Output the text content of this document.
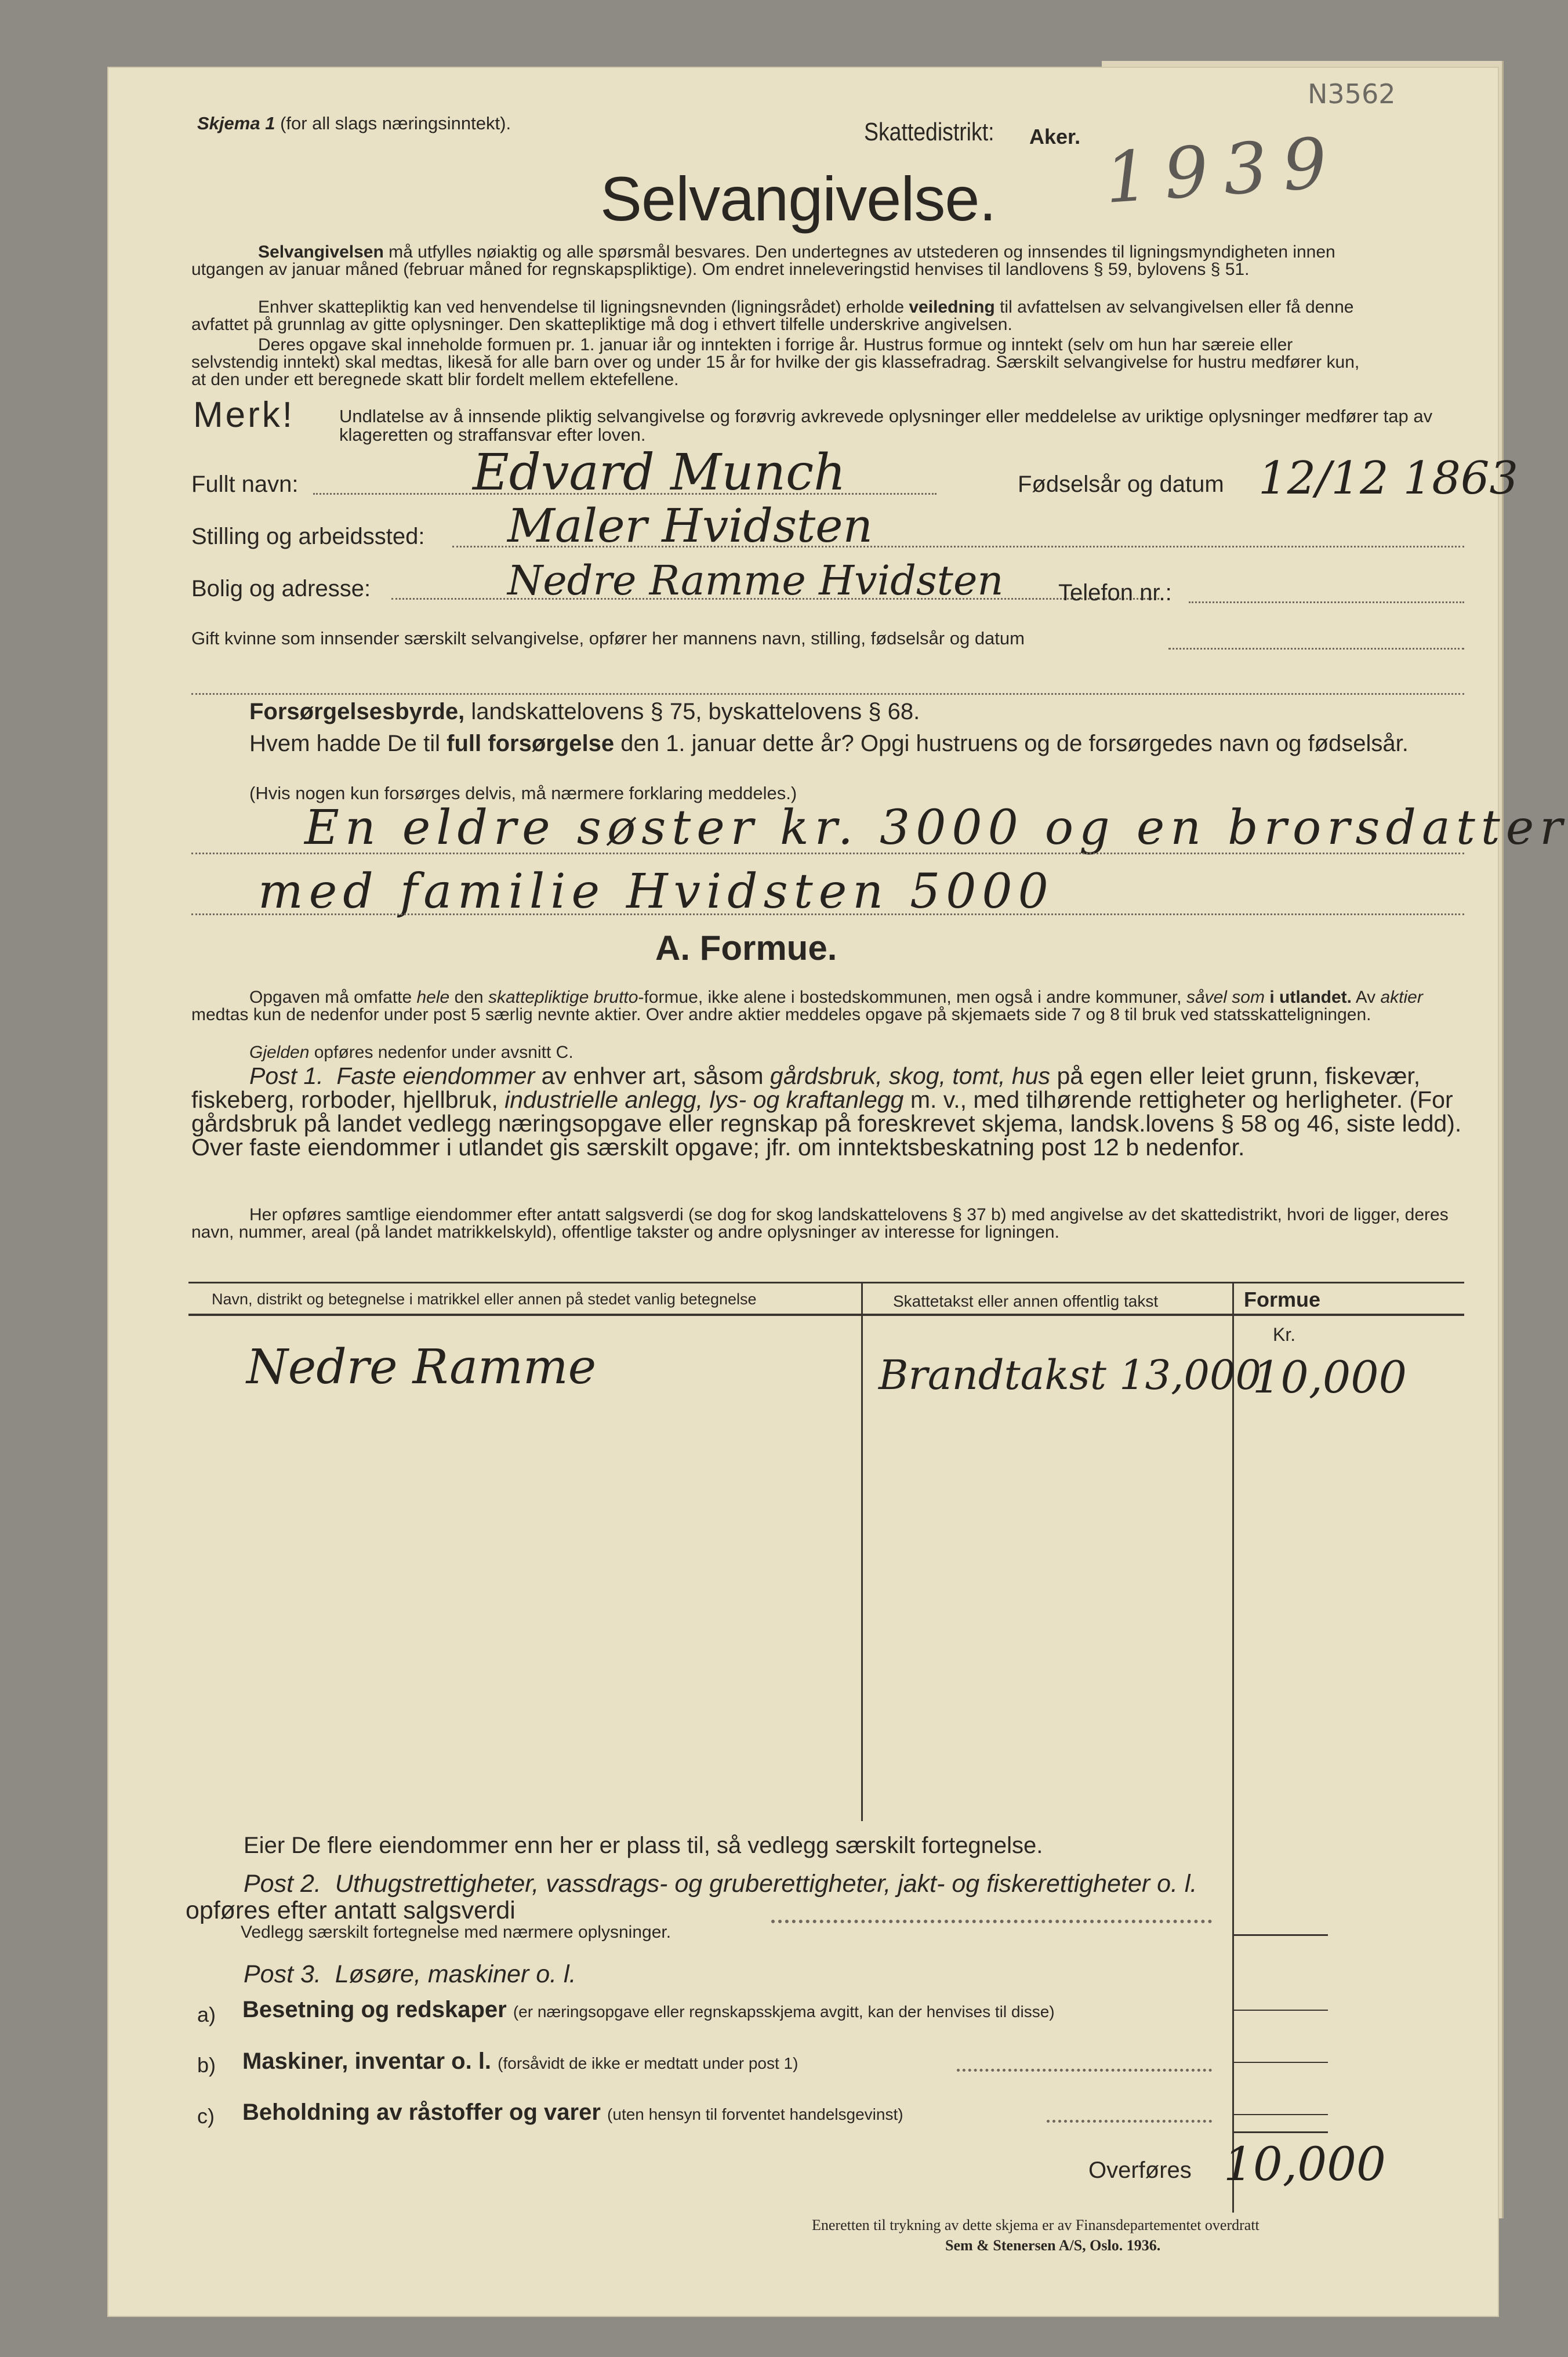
N3562
Skjema 1 (for all slags næringsinntekt).	Skattedistrikt: Aker. 1939
Selvangivelse.
Selvangivelsen må utfylles nøiaktig og alle spørsmål besvares. Den undertegnes av utstederen og innsendes til ligningsmyndigheten innen utgangen av januar måned (februar måned for regnskapspliktige). Om endret inneleveringstid henvises til landlovens § 59, bylovens § 51.
Enhver skattepliktig kan ved henvendelse til ligningsnevnden (ligningsrådet) erholde veiledning til avfattelsen av selvangivelsen eller få denne avfattet på grunnlag av gitte oplysninger. Den skattepliktige må dog i ethvert tilfelle underskrive angivelsen.
Deres opgave skal inneholde formuen pr. 1. januar iår og inntekten i forrige år. Hustrus formue og inntekt (selv om hun har særeie eller selvstendig inntekt) skal medtas, likesă for alle barn over og under 15 år for hvilke der gis klassefradrag. Særskilt selvangivelse for hustru medfører kun, at den under ett beregnede skatt blir fordelt mellem ektefellene.
Merk! Undlatelse av å innsende pliktig selvangivelse og forøvrig avkrevede oplysninger eller meddelelse av uriktige oplysninger medfører tap av klageretten og straffansvar efter loven.
Fullt navn:	Edvard Munch	Fødselsår og datum 12/12 1863
Stilling og arbeidssted: Maler Hvidsten
Bolig og adresse:	Nedre Ramme Hvidsten Telefon nr.:
Gift kvinne som innsender særskilt selvangivelse, opfører her mannens navn, stilling, fødselsår og datum
Forsørgelsesbyrde, landskattelovens § 75, byskattelovens § 68.
Hvem hadde De til full forsørgelse den 1. januar dette år? Opgi hustruens og de forsørgedes navn og fødselsår.
(Hvis nogen kun forsørges delvis, må nærmere forklaring meddeles.)
En eldre søster kr. 3000 og en brorsdatter
med familie Hvidsten 5000
A. Formue.
Opgaven må omfatte hele den skattepliktige brutto-formue, ikke alene i bostedskommunen, men også i andre kommuner, såvel som i utlandet. Av aktier medtas kun de nedenfor under post 5 særlig nevnte aktier. Over andre aktier meddeles opgave på skjemaets side 7 og 8 til bruk ved statsskatteligningen.
Gjelden opføres nedenfor under avsnitt C.
Post 1. Faste eiendommer av enhver art, såsom gårdsbruk, skog, tomt, hus på egen eller leiet grunn, fiskevær, fiskeberg, rorboder, hjellbruk, industrielle anlegg, lys- og kraftanlegg m. v., med tilhørende rettigheter og herligheter. (For gårdsbruk på landet vedlegg næringsopgave eller regnskap på foreskrevet skjema, landsk.lovens § 58 og 46, siste ledd). Over faste eiendommer i utlandet gis særskilt opgave; jfr. om inntektsbeskatning post 12 b nedenfor.
Her opføres samtlige eiendommer efter antatt salgsverdi (se dog for skog landskattelovens § 37 b) med angivelse av det skattedistrikt, hvori de ligger, deres navn, nummer, areal (på landet matrikkelskyld), offentlige takster og andre oplysninger av interesse for ligningen.
Navn, distrikt og betegnelse i matrikkel eller annen på stedet vanlig betegnelse	Skattetakst eller annen offentlig takst	Formue
Kr.
Nedre Ramme	Brandtakst 13,000
10,000
Eier De flere eiendommer enn her er plass til, så vedlegg særskilt fortegnelse.
Post 2. Uthugstrettigheter, vassdrags- og gruberettigheter, jakt- og fiskerettigheter o. l. opføres efter antatt salgsverdi
Vedlegg særskilt fortegnelse med nærmere oplysninger.
Post 3. Løsøre, maskiner o. l.
a) Besetning og redskaper (er næringsopgave eller regnskapsskjema avgitt, kan der henvises til disse)
b) Maskiner, inventar o. l. (forsåvidt de ikke er medtatt under post 1)
c) Beholdning av råstoffer og varer (uten hensyn til forventet handelsgevinst)
Overføres 10,000
Eneretten til trykning av dette skjema er av Finansdepartementet overdratt
Sem & Stenersen A/S, Oslo. 1936.
